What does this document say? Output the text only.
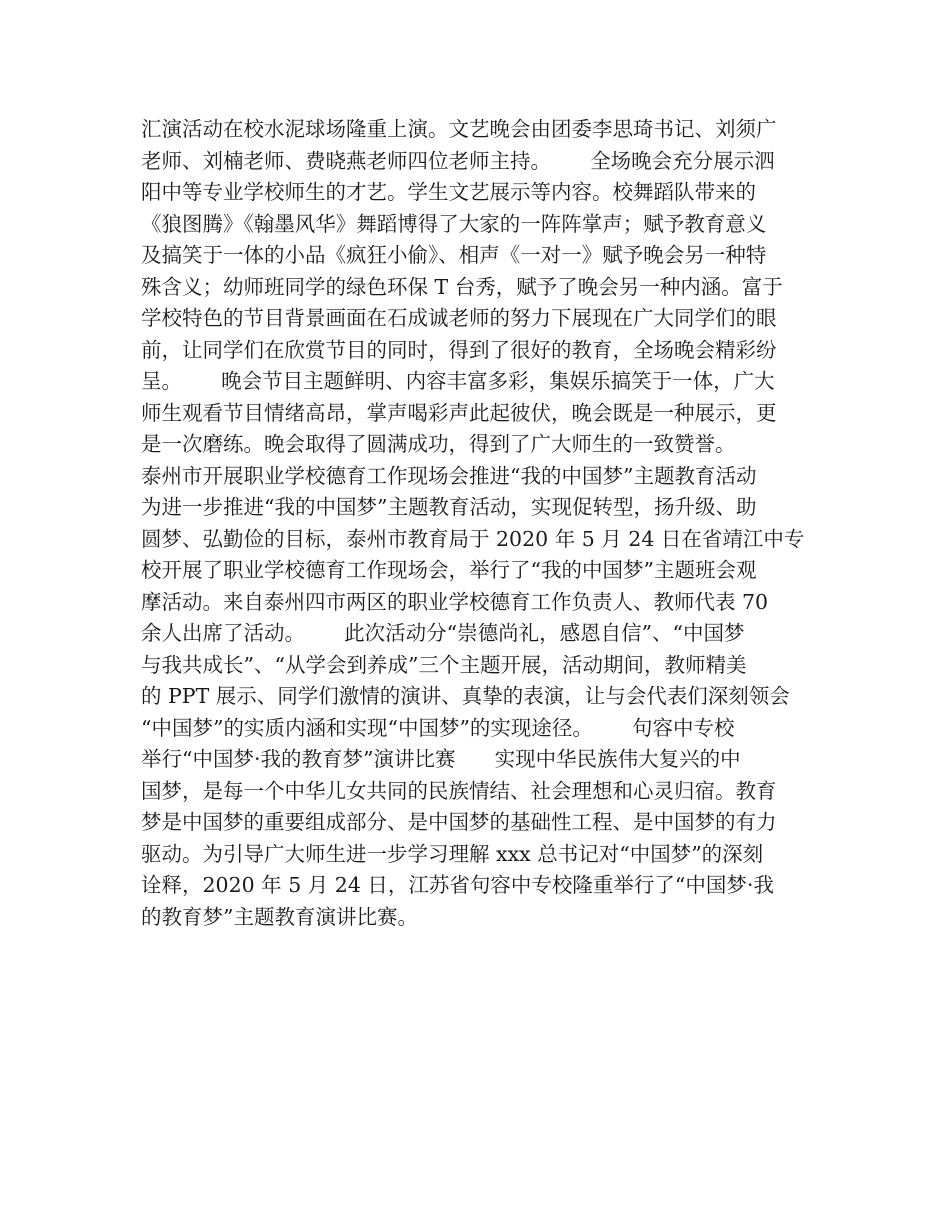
汇演活动在校水泥球场隆重上演。文艺晚会由团委李思琦书记、刘须广
老师、刘楠老师、费晓燕老师四位老师主持。      全场晚会充分展示泗
阳中等专业学校师生的才艺。学生文艺展示等内容。校舞蹈队带来的
《狼图腾》《翰墨风华》舞蹈博得了大家的一阵阵掌声；赋予教育意义
及搞笑于一体的小品《疯狂小偷》、相声《一对一》赋予晚会另一种特
殊含义；幼师班同学的绿色环保 T 台秀，赋予了晚会另一种内涵。富于
学校特色的节目背景画面在石成诚老师的努力下展现在广大同学们的眼
前，让同学们在欣赏节目的同时，得到了很好的教育，全场晚会精彩纷
呈。      晚会节目主题鲜明、内容丰富多彩，集娱乐搞笑于一体，广大
师生观看节目情绪高昂，掌声喝彩声此起彼伏，晚会既是一种展示，更
是一次磨练。晚会取得了圆满成功，得到了广大师生的一致赞誉。
泰州市开展职业学校德育工作现场会推进“我的中国梦”主题教育活动
为进一步推进“我的中国梦”主题教育活动，实现促转型，扬升级、助
圆梦、弘勤俭的目标，泰州市教育局于 2020 年 5 月 24 日在省靖江中专
校开展了职业学校德育工作现场会，举行了“我的中国梦”主题班会观
摩活动。来自泰州四市两区的职业学校德育工作负责人、教师代表 70
余人出席了活动。      此次活动分“崇德尚礼，感恩自信”、“中国梦
与我共成长”、“从学会到养成”三个主题开展，活动期间，教师精美
的 PPT 展示、同学们激情的演讲、真挚的表演，让与会代表们深刻领会
“中国梦”的实质内涵和实现“中国梦”的实现途径。      句容中专校
举行“中国梦·我的教育梦”演讲比赛      实现中华民族伟大复兴的中
国梦，是每一个中华儿女共同的民族情结、社会理想和心灵归宿。教育
梦是中国梦的重要组成部分、是中国梦的基础性工程、是中国梦的有力
驱动。为引导广大师生进一步学习理解 xxx 总书记对“中国梦”的深刻
诠释，2020 年 5 月 24 日，江苏省句容中专校隆重举行了“中国梦·我
的教育梦”主题教育演讲比赛。
